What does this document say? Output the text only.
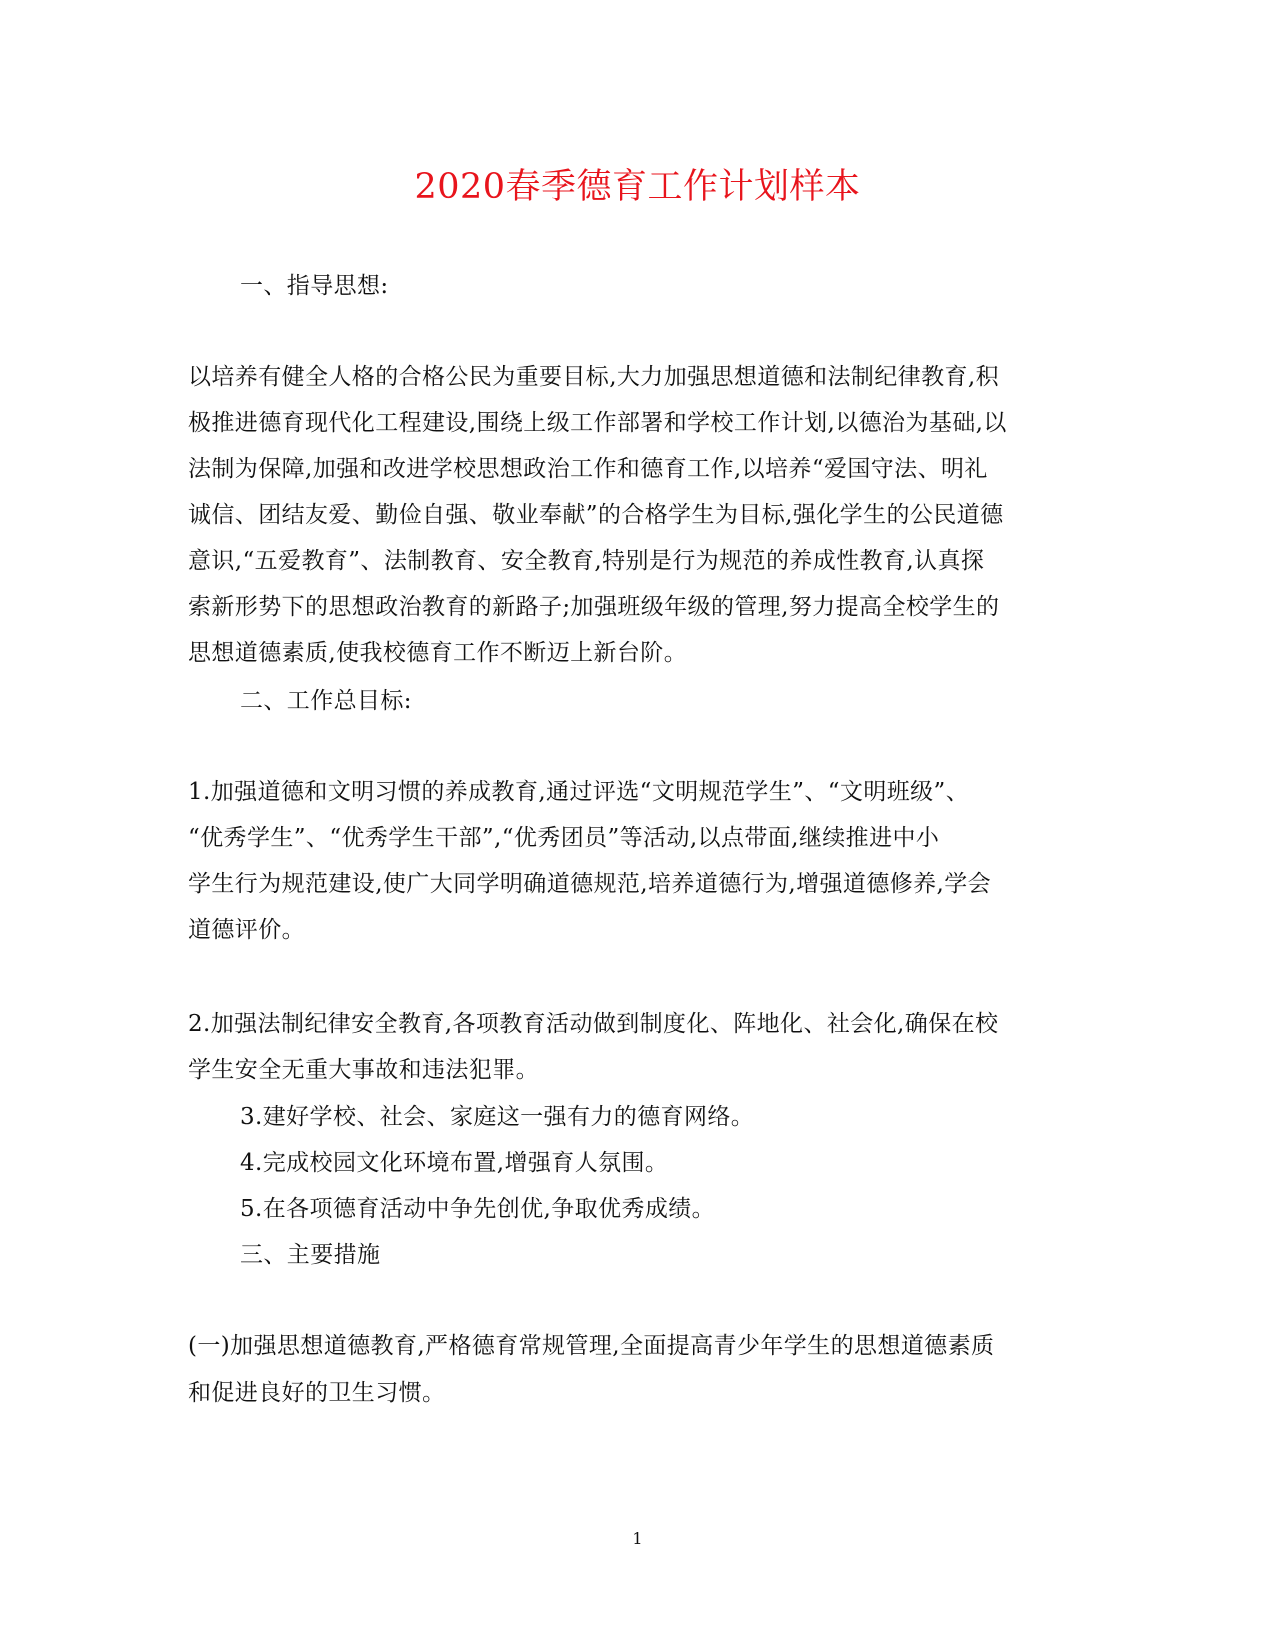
2020春季德育工作计划样本
一、指导思想:
以培养有健全人格的合格公民为重要目标,大力加强思想道德和法制纪律教育,积
极推进德育现代化工程建设,围绕上级工作部署和学校工作计划,以德治为基础,以
法制为保障,加强和改进学校思想政治工作和德育工作,以培养“爱国守法、明礼
诚信、团结友爱、勤俭自强、敬业奉献”的合格学生为目标,强化学生的公民道德
意识,“五爱教育”、法制教育、安全教育,特别是行为规范的养成性教育,认真探
索新形势下的思想政治教育的新路子;加强班级年级的管理,努力提高全校学生的
思想道德素质,使我校德育工作不断迈上新台阶。
二、工作总目标:
1.加强道德和文明习惯的养成教育,通过评选“文明规范学生”、“文明班级”、
“优秀学生”、“优秀学生干部”,“优秀团员”等活动,以点带面,继续推进中小
学生行为规范建设,使广大同学明确道德规范,培养道德行为,增强道德修养,学会
道德评价。
2.加强法制纪律安全教育,各项教育活动做到制度化、阵地化、社会化,确保在校
学生安全无重大事故和违法犯罪。
3.建好学校、社会、家庭这一强有力的德育网络。
4.完成校园文化环境布置,增强育人氛围。
5.在各项德育活动中争先创优,争取优秀成绩。
三、主要措施
(一)加强思想道德教育,严格德育常规管理,全面提高青少年学生的思想道德素质
和促进良好的卫生习惯。
1
